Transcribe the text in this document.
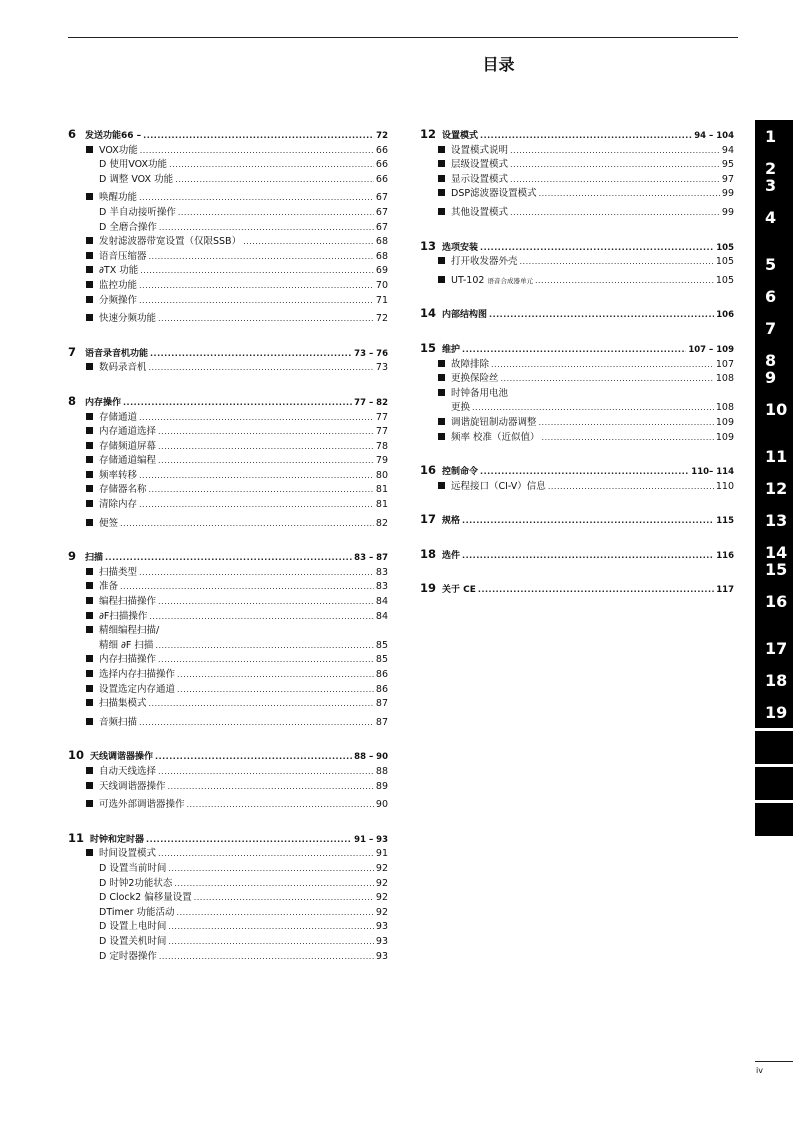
目录
6 发送功能66 – .....	72
VOX功能 .....	66
D 使用VOX功能 .....	66
D 调整 VOX 功能 .....	66
唤醒功能 .....	67
D 半自动接听操作 .....	67
D 全磨合操作 .....	67
发射滤波器带宽设置（仅限SSB） .....	68
语音压缩器 .....	68
∂TX 功能 .....	69
监控功能 .....	70
分频操作 .....	71
快速分频功能 .....	72
7 语音录音机功能 .....	73 – 76
数码录音机 .....	73
8 内存操作 .....	77 – 82
存储通道 .....	77
内存通道选择 .....	77
存储频道屏幕 .....	78
存储通道编程 .....	79
频率转移 .....	80
存储器名称 .....	81
清除内存 .....	81
便签 .....	82
9 扫描 .....	83 – 87
扫描类型 .....	83
准备 .....	83
编程扫描操作 .....	84
∂F扫描操作 .....	84
精细编程扫描/
精细 ∂F 扫描 .....	85
内存扫描操作 .....	85
选择内存扫描操作 .....	86
设置选定内存通道 .....	86
扫描集模式 .....	87
音频扫描 .....	87
10 天线调谐器操作 .....	88 – 90
自动天线选择 .....	88
天线调谐器操作 .....	89
可选外部调谐器操作 .....	90
11 时钟和定时器 .....	91 – 93
时间设置模式 .....	91
D 设置当前时间 .....	92
D 时钟2功能状态 .....	92
D Clock2 偏移量设置 .....	92
DTimer 功能活动 .....	92
D 设置上电时间 .....	93
D 设置关机时间 .....	93
D 定时器操作 .....	93
12 设置模式 .....	94 – 104
设置模式说明 .....	94
层级设置模式 .....	95
显示设置模式 .....	97
DSP滤波器设置模式 .....	99
其他设置模式 .....	99
13 选项安装 .....	105
打开收发器外壳 .....	105
UT-102 语音合成器单元 .....	105
14 内部结构图 .....	106
15 维护 .....	107 – 109
故障排除 .....	107
更换保险丝 .....	108
时钟备用电池
更换 .....	108
调谐旋钮制动器调整 .....	109
频率 校准（近似值） .....	109
16 控制命令 .....	110– 114
远程接口（CI-V）信息 .....	110
17 规格 .....	115
18 选件 .....	116
19 关于 CE .....	117
1
2
3
4
5
6
7
8
9
10
11
12
13
14
15
16
17
18
19
iv
